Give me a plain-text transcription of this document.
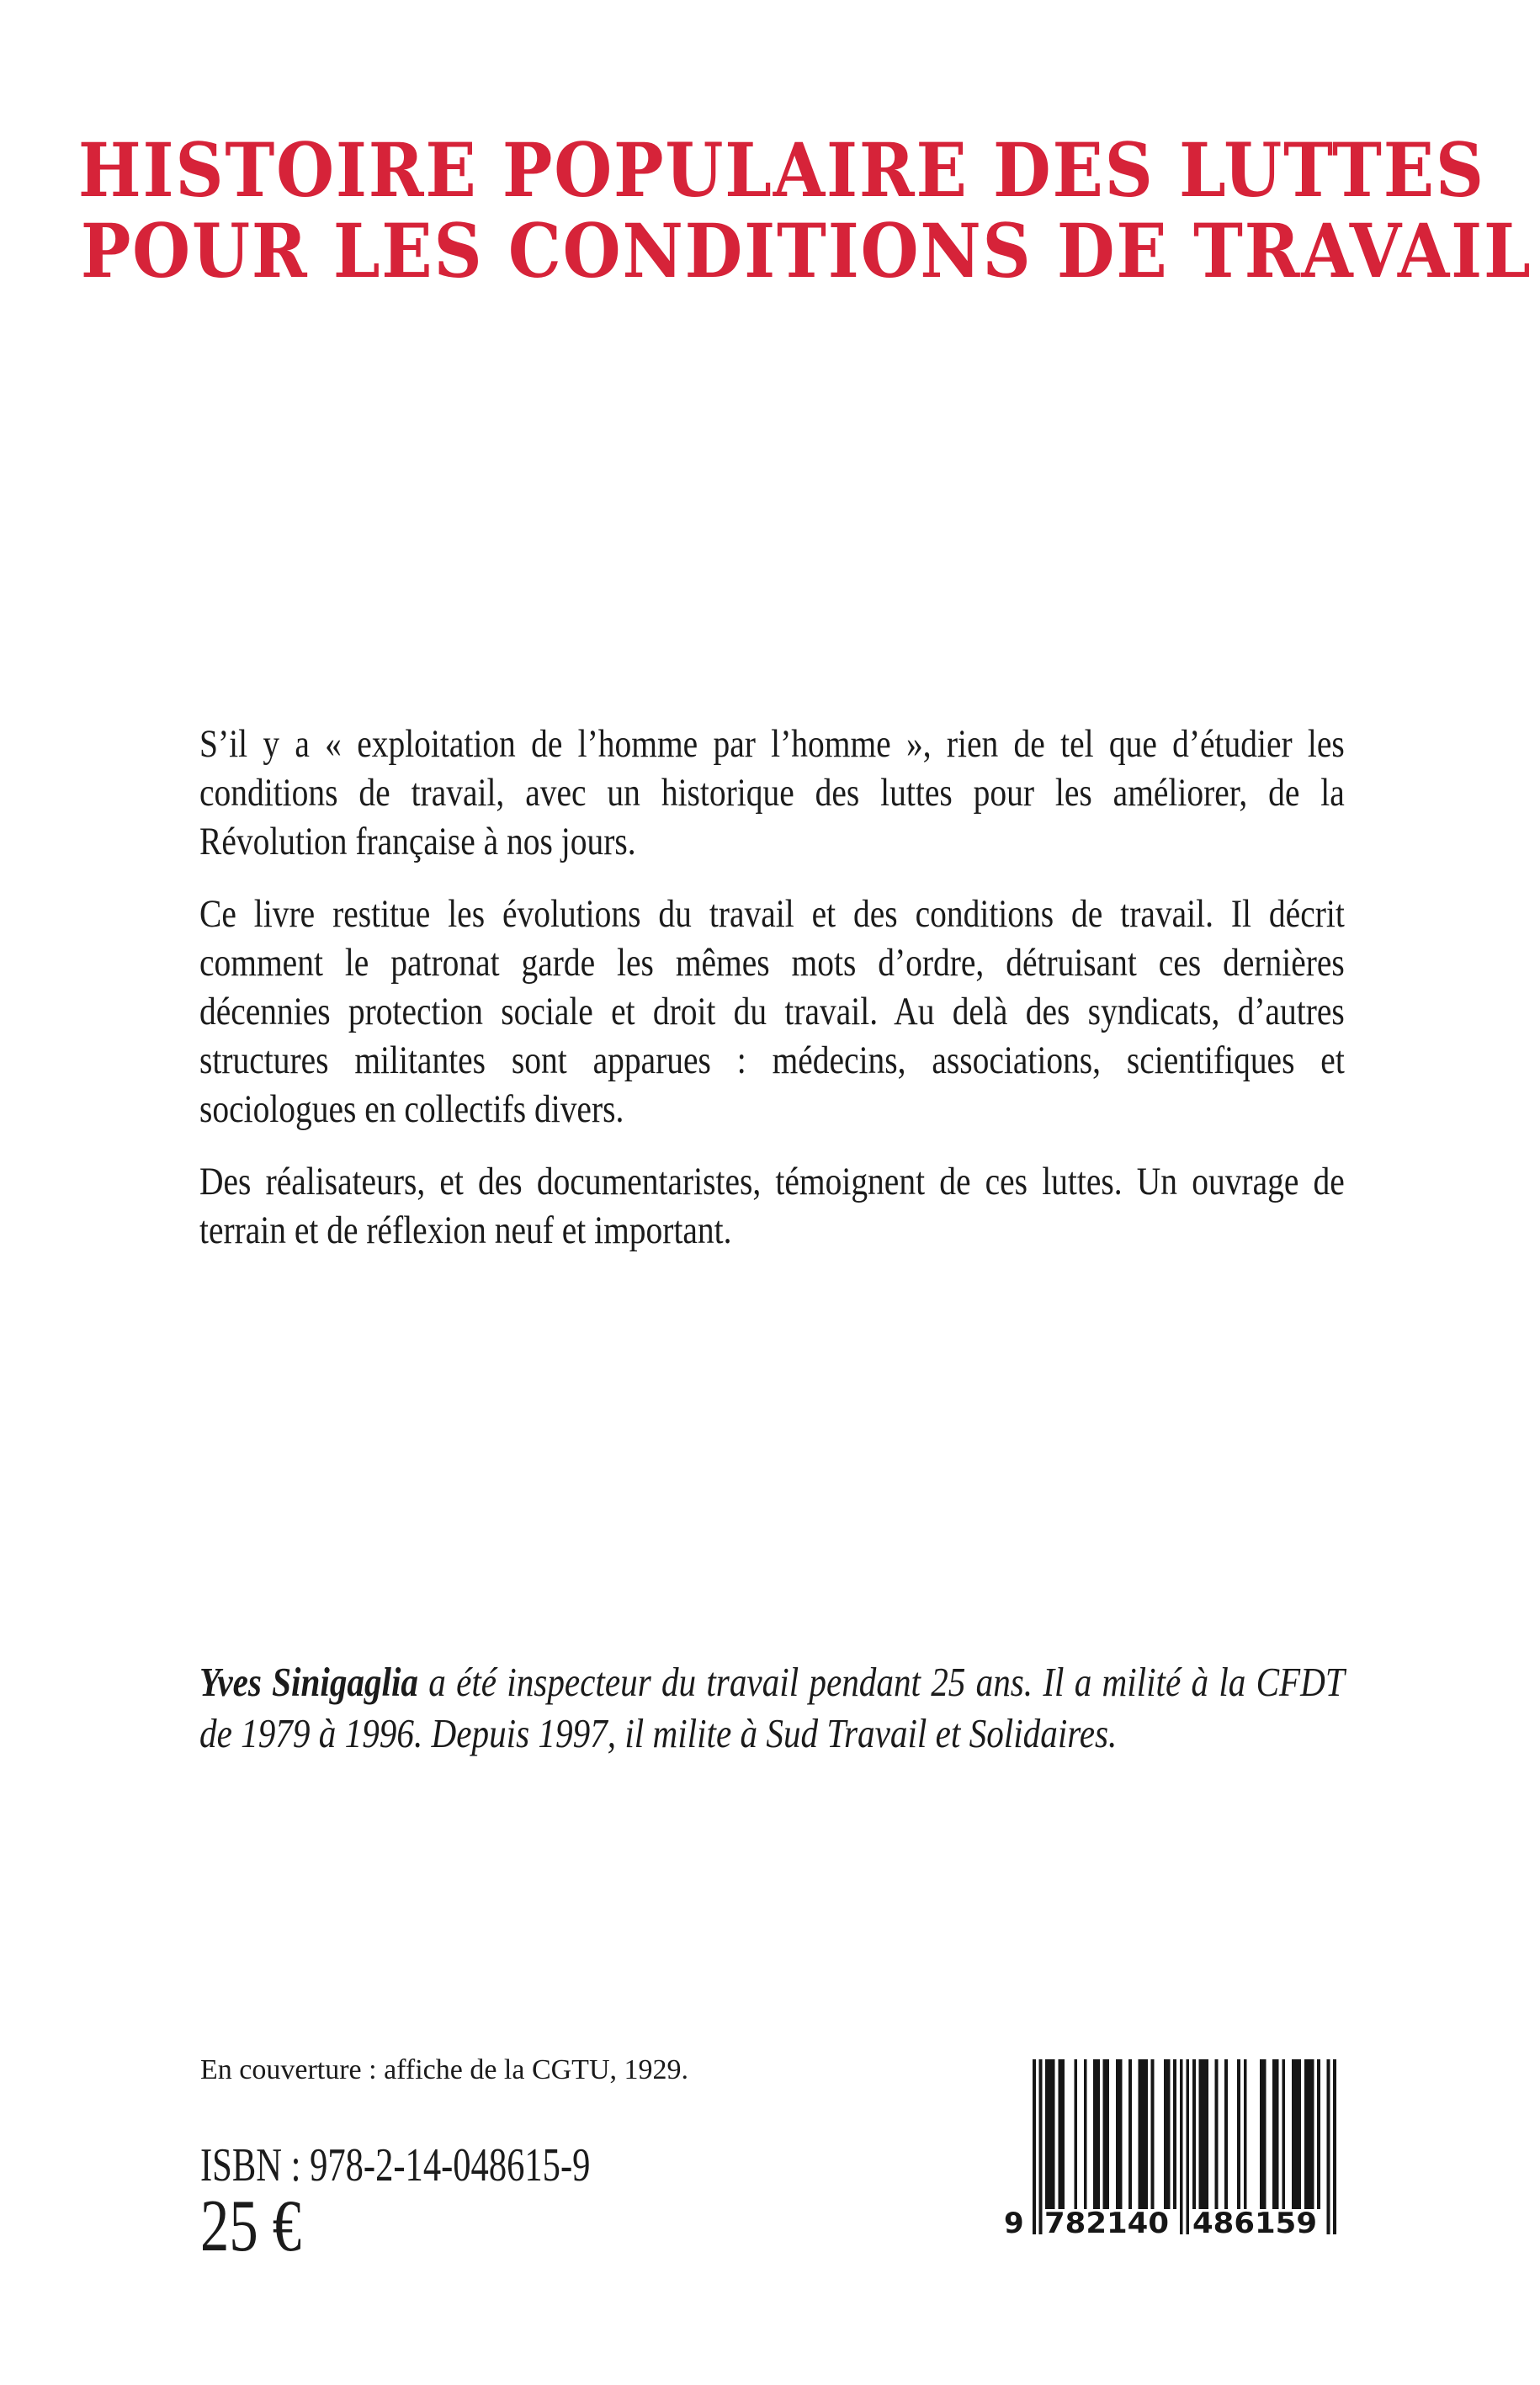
HISTOIRE POPULAIRE DES LUTTES
POUR LES CONDITIONS DE TRAVAIL

S’il y a « exploitation de l’homme par l’homme », rien de tel que d’étudier les conditions de travail, avec un historique des luttes pour les améliorer, de la Révolution française à nos jours.

Ce livre restitue les évolutions du travail et des conditions de travail. Il décrit comment le patronat garde les mêmes mots d’ordre, détruisant ces dernières décennies protection sociale et droit du travail. Au delà des syndicats, d’autres structures militantes sont apparues : médecins, associations, scientifiques et sociologues en collectifs divers.

Des réalisateurs, et des documentaristes, témoignent de ces luttes. Un ouvrage de terrain et de réflexion neuf et important.

Yves Sinigaglia a été inspecteur du travail pendant 25 ans. Il a milité à la CFDT de 1979 à 1996. Depuis 1997, il milite à Sud Travail et Solidaires.
En couverture : affiche de la CGTU, 1929.
ISBN : 978-2-14-048615-9
25 €	9 782140 486159
